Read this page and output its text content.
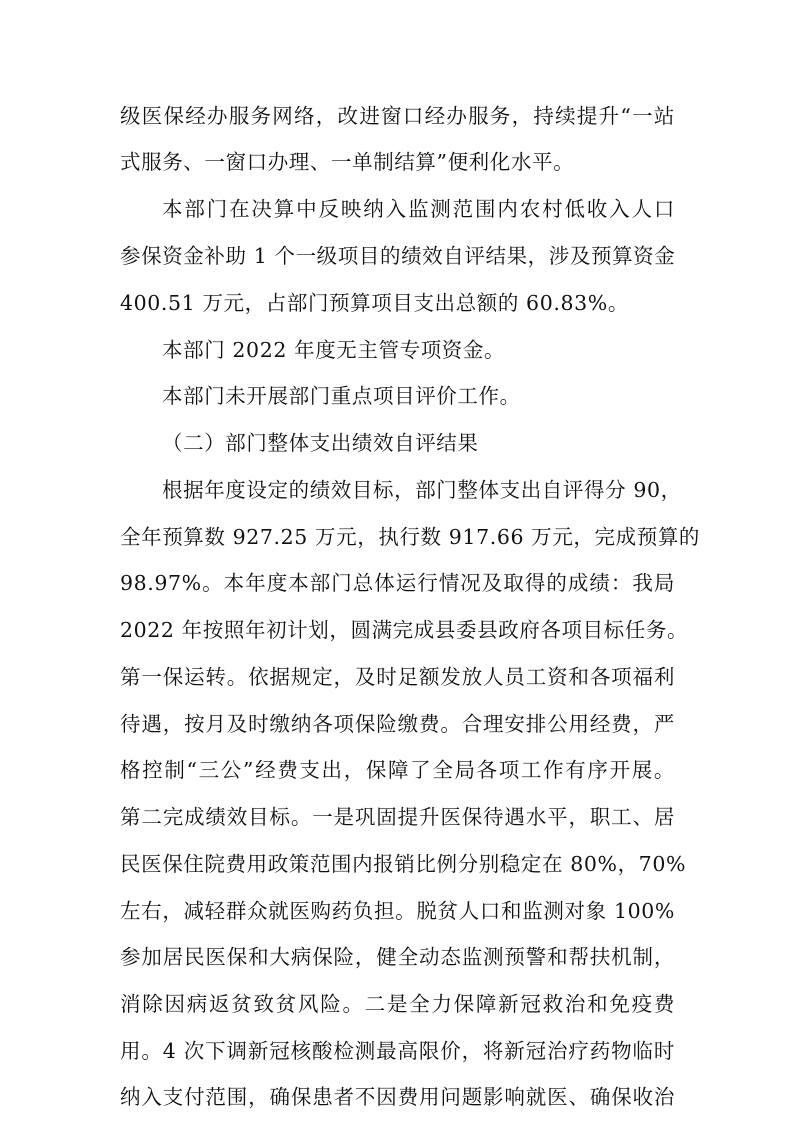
级医保经办服务网络，改进窗口经办服务，持续提升“一站
式服务、一窗口办理、一单制结算”便利化水平。
本部门在决算中反映纳入监测范围内农村低收入人口
参保资金补助 1 个一级项目的绩效自评结果，涉及预算资金
400.51 万元，占部门预算项目支出总额的 60.83%。
本部门 2022 年度无主管专项资金。
本部门未开展部门重点项目评价工作。
（二）部门整体支出绩效自评结果
根据年度设定的绩效目标，部门整体支出自评得分 90，
全年预算数 927.25 万元，执行数 917.66 万元，完成预算的
98.97%。本年度本部门总体运行情况及取得的成绩：我局
2022 年按照年初计划，圆满完成县委县政府各项目标任务。
第一保运转。依据规定，及时足额发放人员工资和各项福利
待遇，按月及时缴纳各项保险缴费。合理安排公用经费，严
格控制“三公”经费支出，保障了全局各项工作有序开展。
第二完成绩效目标。一是巩固提升医保待遇水平，职工、居
民医保住院费用政策范围内报销比例分别稳定在 80%，70%
左右，减轻群众就医购药负担。脱贫人口和监测对象 100%
参加居民医保和大病保险，健全动态监测预警和帮扶机制，
消除因病返贫致贫风险。二是全力保障新冠救治和免疫费
用。4 次下调新冠核酸检测最高限价，将新冠治疗药物临时
纳入支付范围，确保患者不因费用问题影响就医、确保收治
